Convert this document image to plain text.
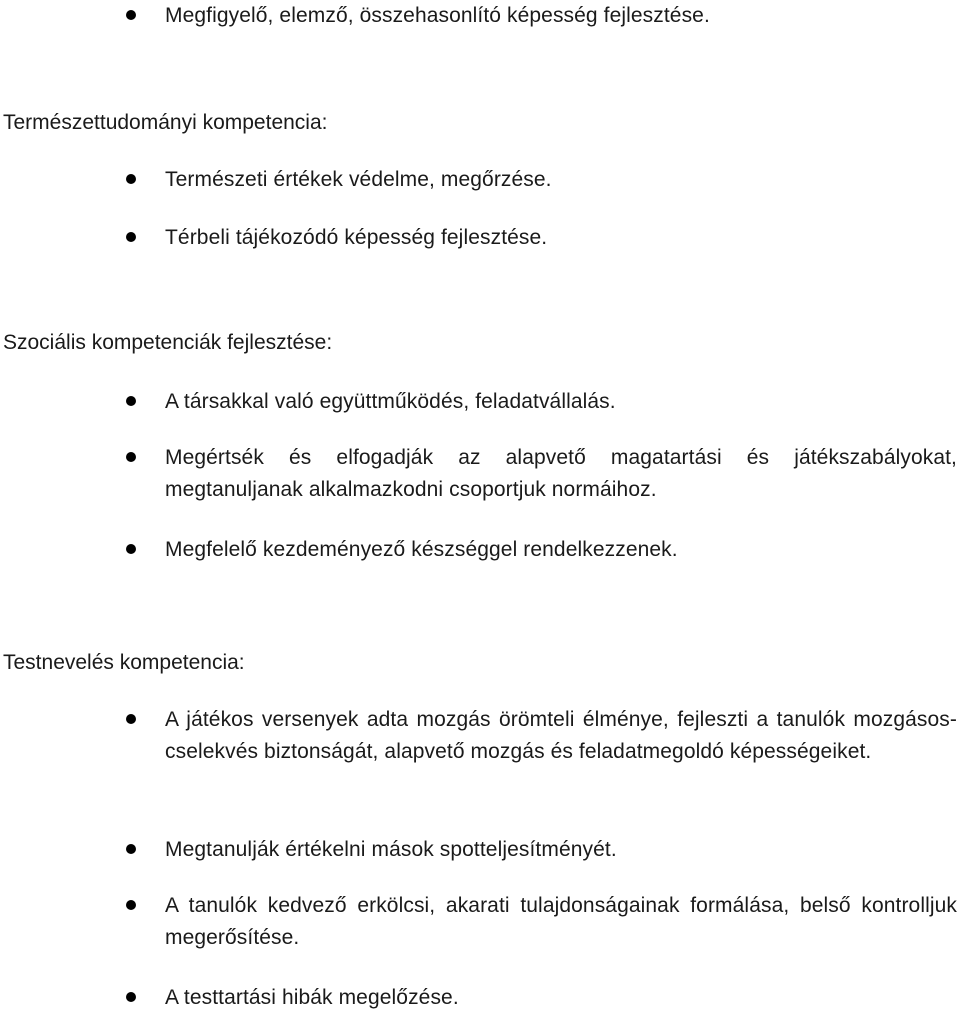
Megfigyelő, elemző, összehasonlító képesség fejlesztése.
Természettudományi kompetencia:
Természeti értékek védelme, megőrzése.
Térbeli tájékozódó képesség fejlesztése.
Szociális kompetenciák fejlesztése:
A társakkal való együttműködés, feladatvállalás.
Megértsék és elfogadják az alapvető magatartási és játékszabályokat, megtanuljanak alkalmazkodni csoportjuk normáihoz.
Megfelelő kezdeményező készséggel rendelkezzenek.
Testnevelés kompetencia:
A játékos versenyek adta mozgás örömteli élménye, fejleszti a tanulók mozgásos-cselekvés biztonságát, alapvető mozgás és feladatmegoldó képességeiket.
Megtanulják értékelni mások spotteljesítményét.
A tanulók kedvező erkölcsi, akarati tulajdonságainak formálása, belső kontrolljuk megerősítése.
A testtartási hibák megelőzése.
